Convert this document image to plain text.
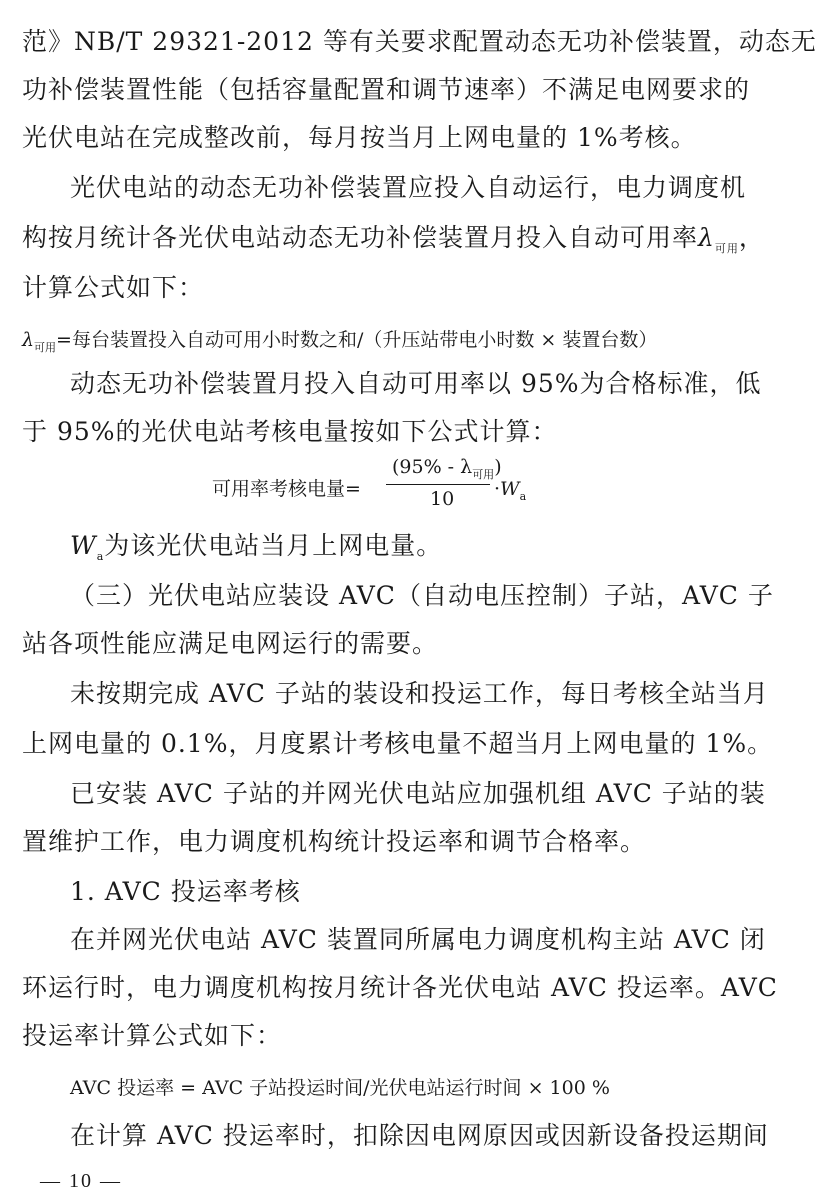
范》NB/T 29321-2012 等有关要求配置动态无功补偿装置，动态无
功补偿装置性能（包括容量配置和调节速率）不满足电网要求的
光伏电站在完成整改前，每月按当月上网电量的 1%考核。
光伏电站的动态无功补偿装置应投入自动运行，电力调度机
构按月统计各光伏电站动态无功补偿装置月投入自动可用率$\lambda_{可用}$，
计算公式如下：
$\lambda_{可用}=$每台装置投入自动可用小时数之和/（升压站带电小时数 × 装置台数）
动态无功补偿装置月投入自动可用率以 95%为合格标准，低
于 95%的光伏电站考核电量按如下公式计算：
可用率考核电量=
$(95\% - \lambda_{可用})$
$10 \cdot W_a$
$W_a$为该光伏电站当月上网电量。
（三）光伏电站应装设 AVC（自动电压控制）子站，AVC 子
站各项性能应满足电网运行的需要。
未按期完成 AVC 子站的装设和投运工作，每日考核全站当月
上网电量的 0.1%，月度累计考核电量不超当月上网电量的 1%。
已安装 AVC 子站的并网光伏电站应加强机组 AVC 子站的装
置维护工作，电力调度机构统计投运率和调节合格率。
1. AVC 投运率考核
在并网光伏电站 AVC 装置同所属电力调度机构主站 AVC 闭
环运行时，电力调度机构按月统计各光伏电站 AVC 投运率。AVC
投运率计算公式如下：
AVC 投运率 = AVC 子站投运时间/光伏电站运行时间 × 100 %
在计算 AVC 投运率时，扣除因电网原因或因新设备投运期间
— 10 —
